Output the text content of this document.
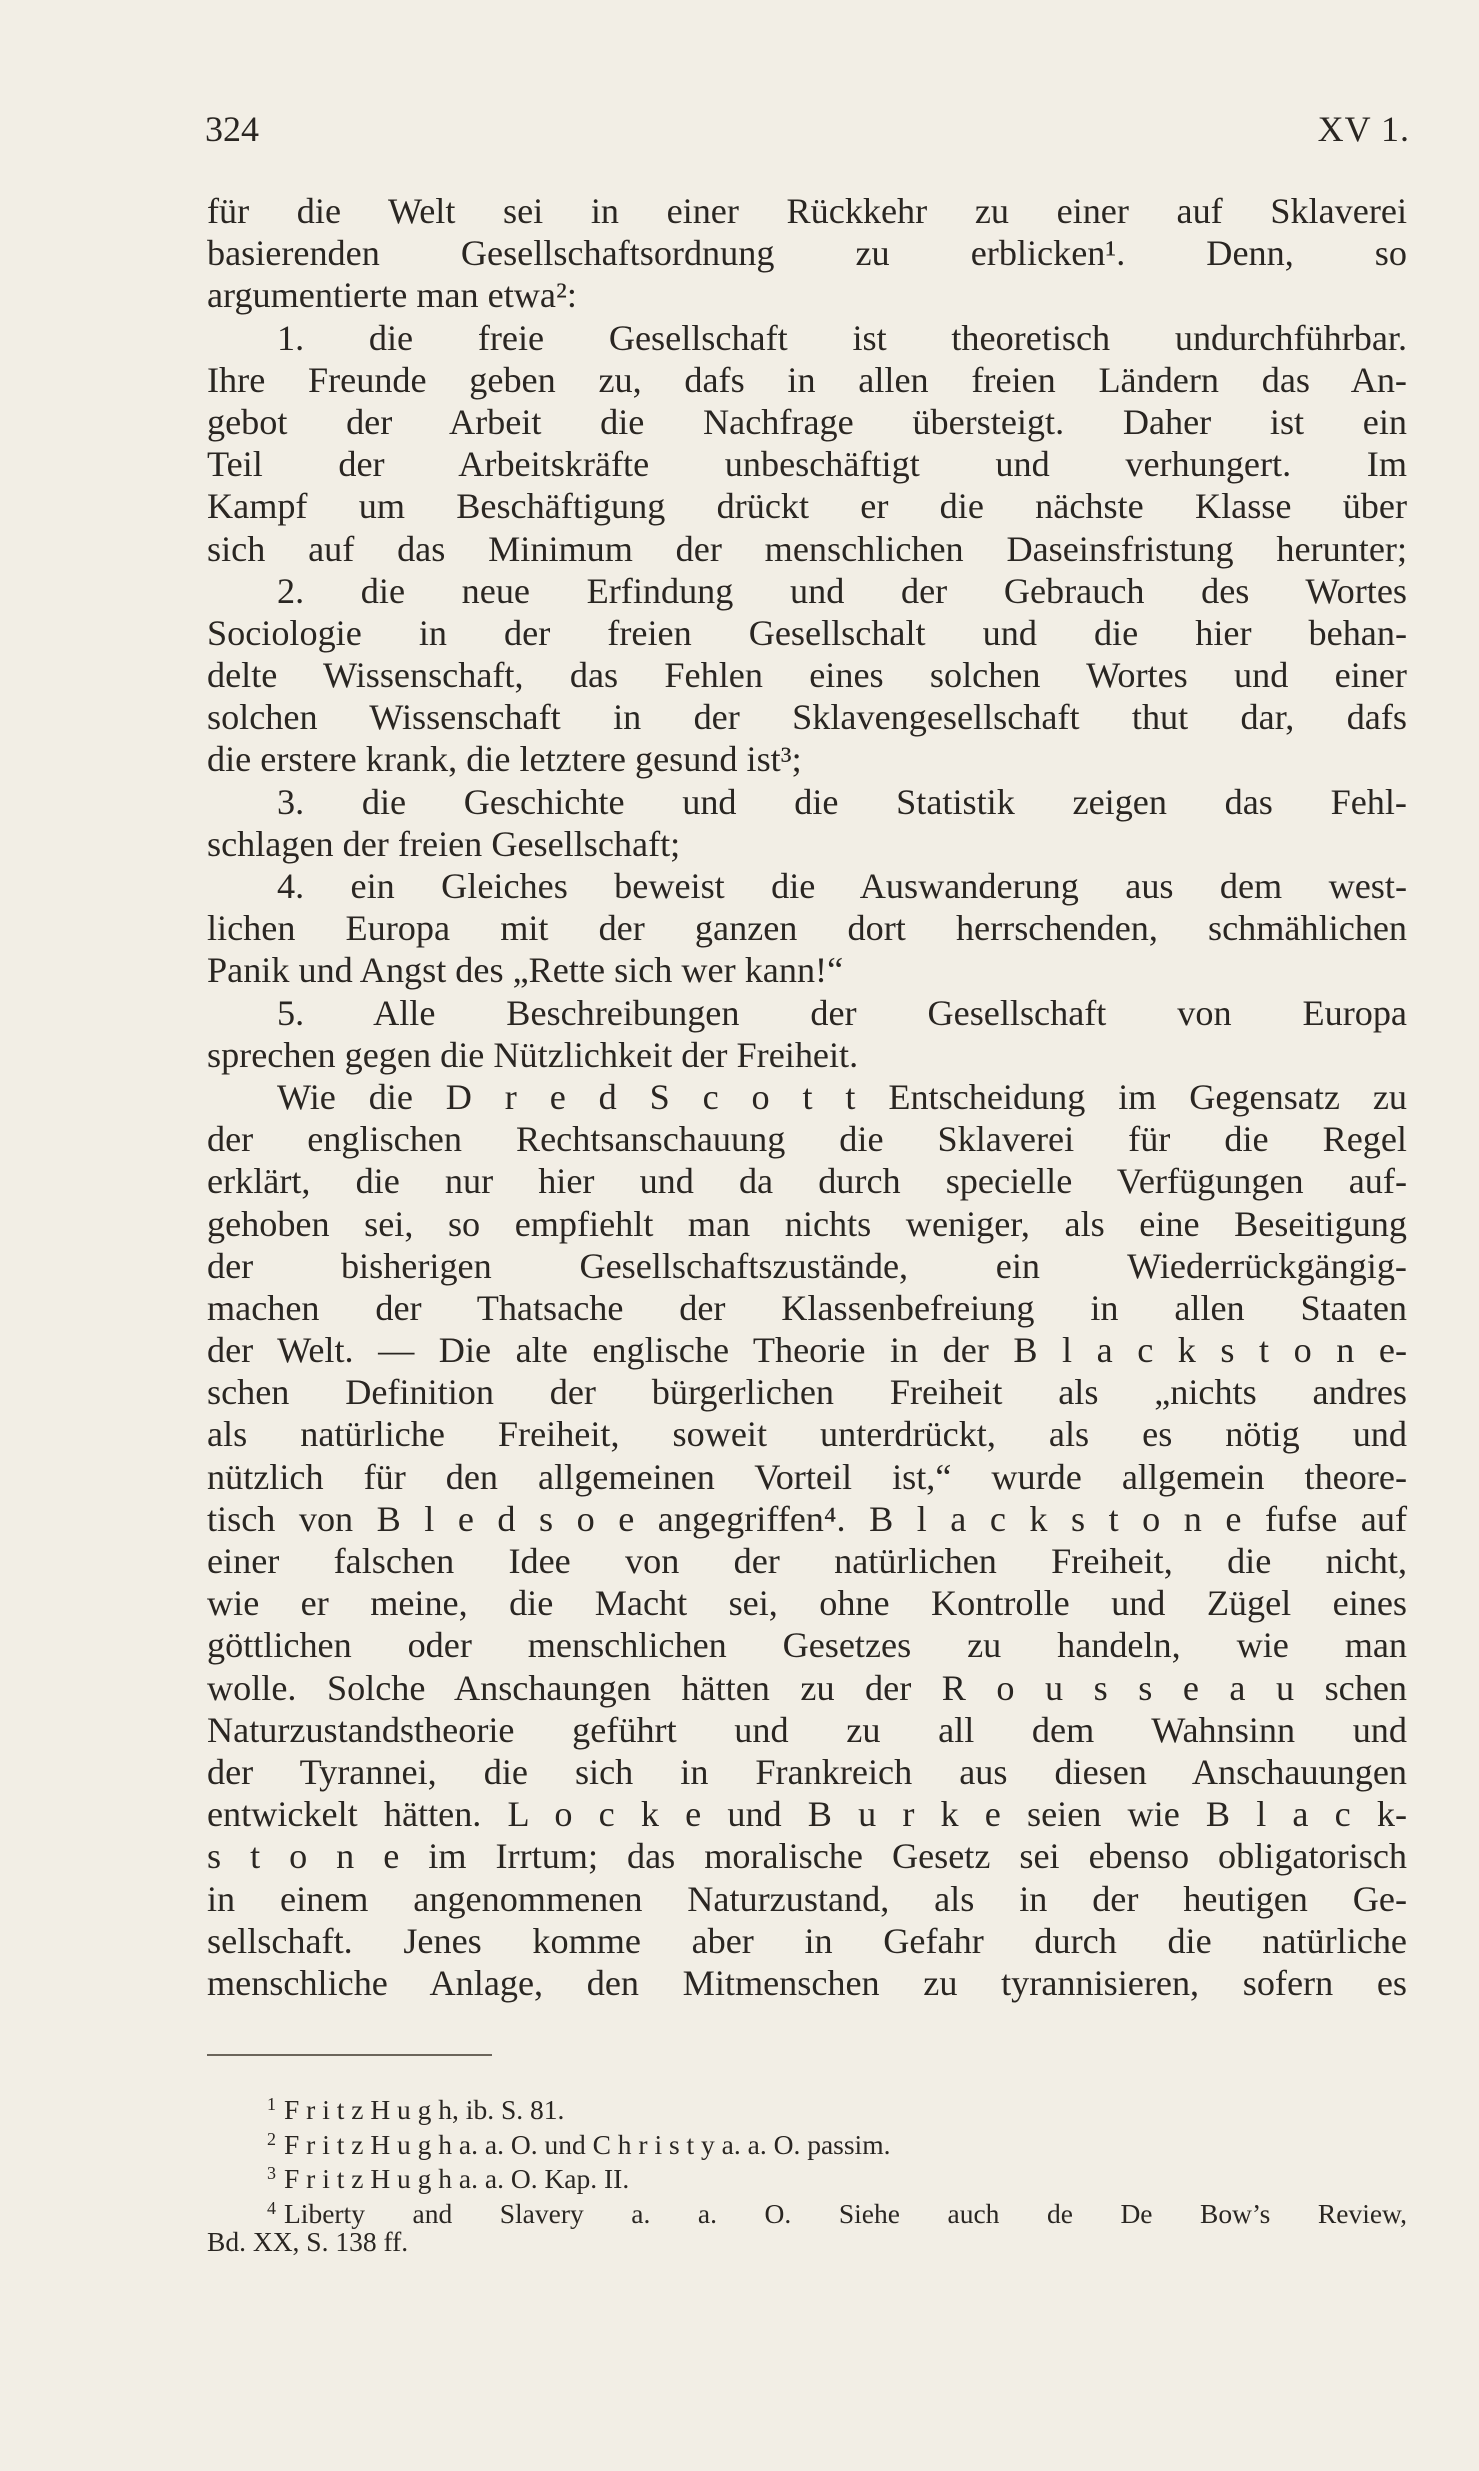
324	XV 1.
für die Welt sei in einer Rückkehr zu einer auf Sklaverei
basierenden Gesellschaftsordnung zu erblicken¹. Denn, so
argumentierte man etwa²:
1. die freie Gesellschaft ist theoretisch undurchführbar.
Ihre Freunde geben zu, dafs in allen freien Ländern das An-
gebot der Arbeit die Nachfrage übersteigt. Daher ist ein
Teil der Arbeitskräfte unbeschäftigt und verhungert. Im
Kampf um Beschäftigung drückt er die nächste Klasse über
sich auf das Minimum der menschlichen Daseinsfristung herunter;
2. die neue Erfindung und der Gebrauch des Wortes
Sociologie in der freien Gesellschalt und die hier behan-
delte Wissenschaft, das Fehlen eines solchen Wortes und einer
solchen Wissenschaft in der Sklavengesellschaft thut dar, dafs
die erstere krank, die letztere gesund ist³;
3. die Geschichte und die Statistik zeigen das Fehl-
schlagen der freien Gesellschaft;
4. ein Gleiches beweist die Auswanderung aus dem west-
lichen Europa mit der ganzen dort herrschenden, schmählichen
Panik und Angst des „Rette sich wer kann!“
5. Alle Beschreibungen der Gesellschaft von Europa
sprechen gegen die Nützlichkeit der Freiheit.
Wie die D r e d S c o t t Entscheidung im Gegensatz zu
der englischen Rechtsanschauung die Sklaverei für die Regel
erklärt, die nur hier und da durch specielle Verfügungen auf-
gehoben sei, so empfiehlt man nichts weniger, als eine Beseitigung
der bisherigen Gesellschaftszustände, ein Wiederrückgängig-
machen der Thatsache der Klassenbefreiung in allen Staaten
der Welt. — Die alte englische Theorie in der B l a c k s t o n e-
schen Definition der bürgerlichen Freiheit als „nichts andres
als natürliche Freiheit, soweit unterdrückt, als es nötig und
nützlich für den allgemeinen Vorteil ist,“ wurde allgemein theore-
tisch von B l e d s o e angegriffen⁴. B l a c k s t o n e fufse auf
einer falschen Idee von der natürlichen Freiheit, die nicht,
wie er meine, die Macht sei, ohne Kontrolle und Zügel eines
göttlichen oder menschlichen Gesetzes zu handeln, wie man
wolle. Solche Anschaungen hätten zu der R o u s s e a u schen
Naturzustandstheorie geführt und zu all dem Wahnsinn und
der Tyrannei, die sich in Frankreich aus diesen Anschauungen
entwickelt hätten. L o c k e und B u r k e seien wie B l a c k-
s t o n e im Irrtum; das moralische Gesetz sei ebenso obligatorisch
in einem angenommenen Naturzustand, als in der heutigen Ge-
sellschaft. Jenes komme aber in Gefahr durch die natürliche
menschliche Anlage, den Mitmenschen zu tyrannisieren, sofern es
$^1$ F r i t z H u g h, ib. S. 81.
$^2$ F r i t z H u g h a. a. O. und C h r i s t y a. a. O. passim.
$^3$ F r i t z H u g h a. a. O. Kap. II.
$^4$ Liberty and Slavery a. a. O. Siehe auch de De Bow’s Review,
Bd. XX, S. 138 ff.
